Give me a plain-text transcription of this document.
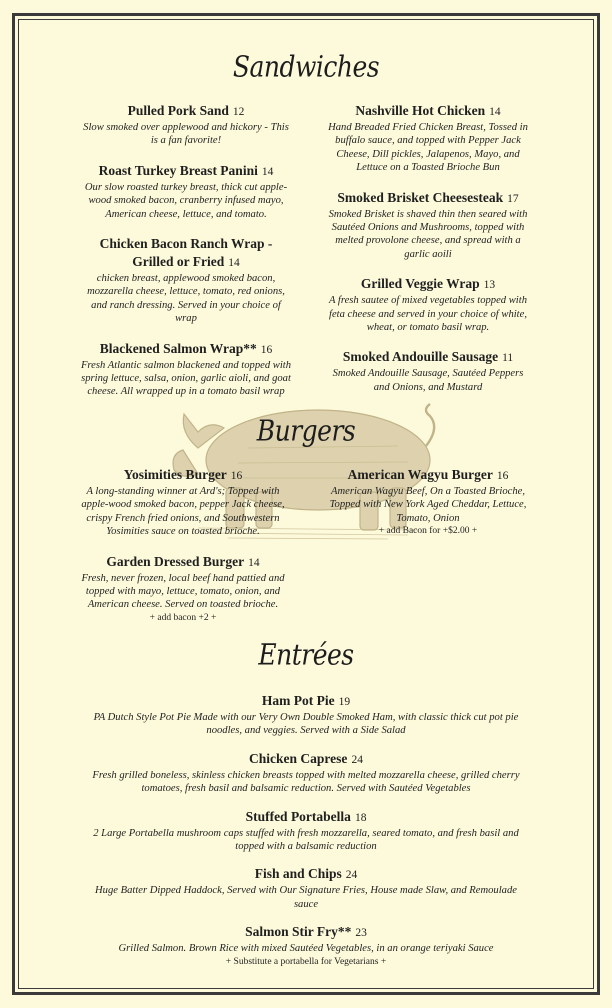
Sandwiches
Pulled Pork Sand 12
Slow smoked over applewood and hickory - This is a fan favorite!
Roast Turkey Breast Panini 14
Our slow roasted turkey breast, thick cut apple-wood smoked bacon, cranberry infused mayo, American cheese, lettuce, and tomato.
Chicken Bacon Ranch Wrap - Grilled or Fried 14
chicken breast, applewood smoked bacon, mozzarella cheese, lettuce, tomato, red onions, and ranch dressing. Served in your choice of wrap
Blackened Salmon Wrap** 16
Fresh Atlantic salmon blackened and topped with spring lettuce, salsa, onion, garlic aioli, and goat cheese. All wrapped up in a tomato basil wrap
Nashville Hot Chicken 14
Hand Breaded Fried Chicken Breast, Tossed in buffalo sauce, and topped with Pepper Jack Cheese, Dill pickles, Jalapenos, Mayo, and Lettuce on a Toasted Brioche Bun
Smoked Brisket Cheesesteak 17
Smoked Brisket is shaved thin then seared with Sautéed Onions and Mushrooms, topped with melted provolone cheese, and spread with a garlic aoili
Grilled Veggie Wrap 13
A fresh sautee of mixed vegetables topped with feta cheese and served in your choice of white, wheat, or tomato basil wrap.
Smoked Andouille Sausage 11
Smoked Andouille Sausage, Sautéed Peppers and Onions, and Mustard
Burgers
Yosimities Burger 16
A long-standing winner at Ard's; Topped with apple-wood smoked bacon, pepper Jack cheese, crispy French fried onions, and Southwestern Yosimities sauce on toasted brioche.
Garden Dressed Burger 14
Fresh, never frozen, local beef hand pattied and topped with mayo, lettuce, tomato, onion, and American cheese. Served on toasted brioche.
+ add bacon +2 +
American Wagyu Burger 16
American Wagyu Beef, On a Toasted Brioche, Topped with New York Aged Cheddar, Lettuce, Tomato, Onion
+ add Bacon for +$2.00 +
Entrées
Ham Pot Pie 19
PA Dutch Style Pot Pie Made with our Very Own Double Smoked Ham, with classic thick cut pot pie noodles, and veggies. Served with a Side Salad
Chicken Caprese 24
Fresh grilled boneless, skinless chicken breasts topped with melted mozzarella cheese, grilled cherry tomatoes, fresh basil and balsamic reduction. Served with Sautéed Vegetables
Stuffed Portabella 18
2 Large Portabella mushroom caps stuffed with fresh mozzarella, seared tomato, and fresh basil and topped with a balsamic reduction
Fish and Chips 24
Huge Batter Dipped Haddock, Served with Our Signature Fries, House made Slaw, and Remoulade sauce
Salmon Stir Fry** 23
Grilled Salmon. Brown Rice with mixed Sautéed Vegetables, in an orange teriyaki Sauce
+ Substitute a portabella for Vegetarians +
